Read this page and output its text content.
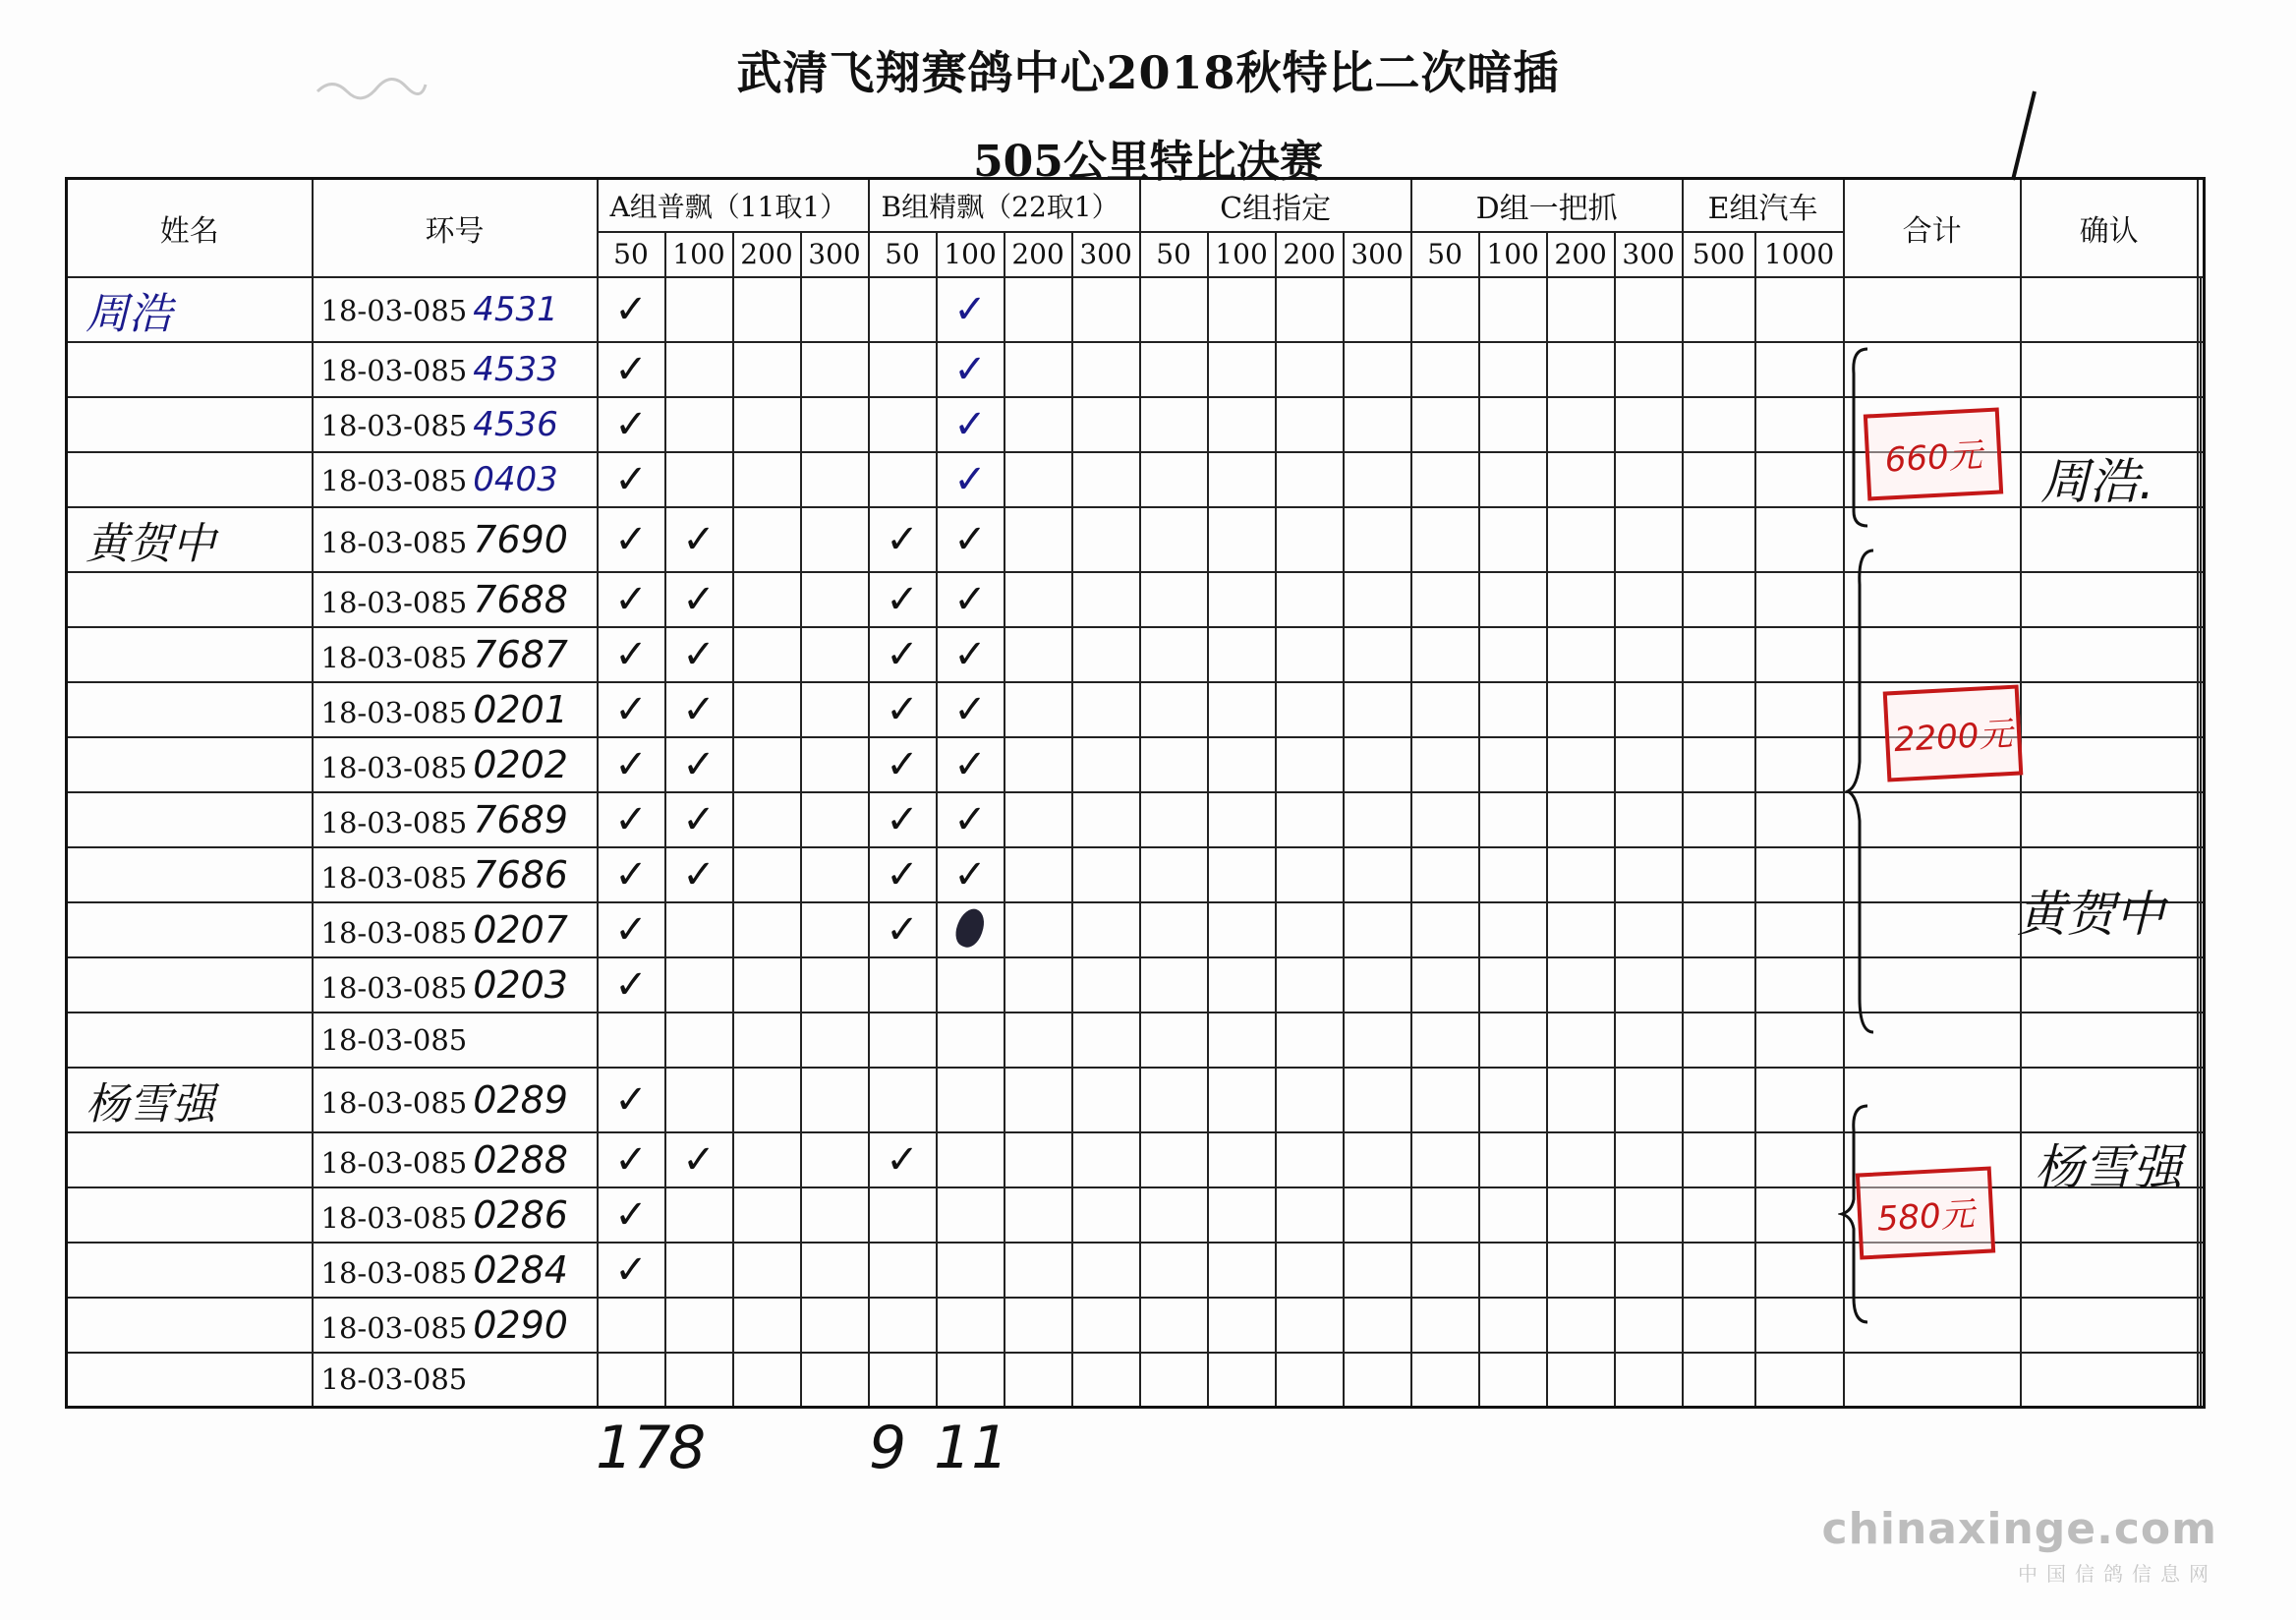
武清飞翔赛鸽中心2018秋特比二次暗插
505公里特比决赛
姓名	环号	A组普飘（11取1）				B组精飘（22取1）				C组指定				D组一把抓				E组汽车		合计	确认		
		50	100	200	300	50	100	200	300	50	100	200	300	50	100	200	300	500	1000				
周浩	18-03-085 4531	✓					✓																
	18-03-085 4533	✓					✓																
	18-03-085 4536	✓					✓																
	18-03-085 0403	✓					✓																
黄贺中	18-03-085 7690	✓	✓			✓	✓																
	18-03-085 7688	✓	✓			✓	✓																
	18-03-085 7687	✓	✓			✓	✓																
	18-03-085 0201	✓	✓			✓	✓																
	18-03-085 0202	✓	✓			✓	✓																
	18-03-085 7689	✓	✓			✓	✓																
	18-03-085 7686	✓	✓			✓	✓																
	18-03-085 0207	✓				✓																	
	18-03-085 0203	✓																					
	18-03-085																						
杨雪强	18-03-085 0289	✓																					
	18-03-085 0288	✓	✓			✓																	
	18-03-085 0286	✓																					
	18-03-085 0284	✓																					
	18-03-085 0290																						
	18-03-085																						
660元
2200元
580元
周浩.
黄贺中
杨雪强
17
8	9 11
chinaxinge.com
中国信鸽信息网
